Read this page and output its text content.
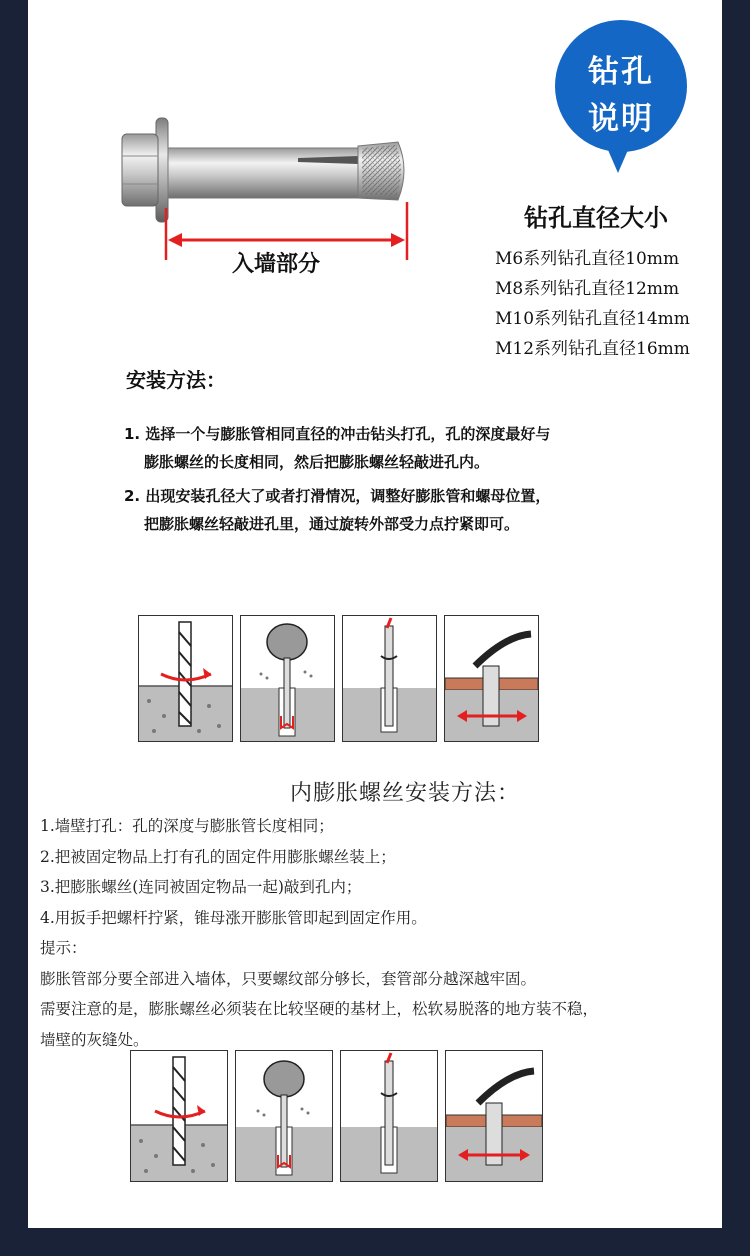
入墙部分
钻孔
说明
钻孔直径大小
M6系列钻孔直径10mm
M8系列钻孔直径12mm
M10系列钻孔直径14mm
M12系列钻孔直径16mm
安装方法：

1. 选择一个与膨胀管相同直径的冲击钻头打孔，孔的深度最好与

膨胀螺丝的长度相同，然后把膨胀螺丝轻敲进孔内。

2. 出现安装孔径大了或者打滑情况，调整好膨胀管和螺母位置，

把膨胀螺丝轻敲进孔里，通过旋转外部受力点拧紧即可。

内膨胀螺丝安装方法：

1.墙壁打孔：孔的深度与膨胀管长度相同；

2.把被固定物品上打有孔的固定件用膨胀螺丝装上；

3.把膨胀螺丝(连同被固定物品一起)敲到孔内；

4.用扳手把螺杆拧紧，锥母涨开膨胀管即起到固定作用。

提示：

膨胀管部分要全部进入墙体，只要螺纹部分够长，套管部分越深越牢固。

需要注意的是，膨胀螺丝必须装在比较坚硬的基材上，松软易脱落的地方装不稳，

墙壁的灰缝处。
